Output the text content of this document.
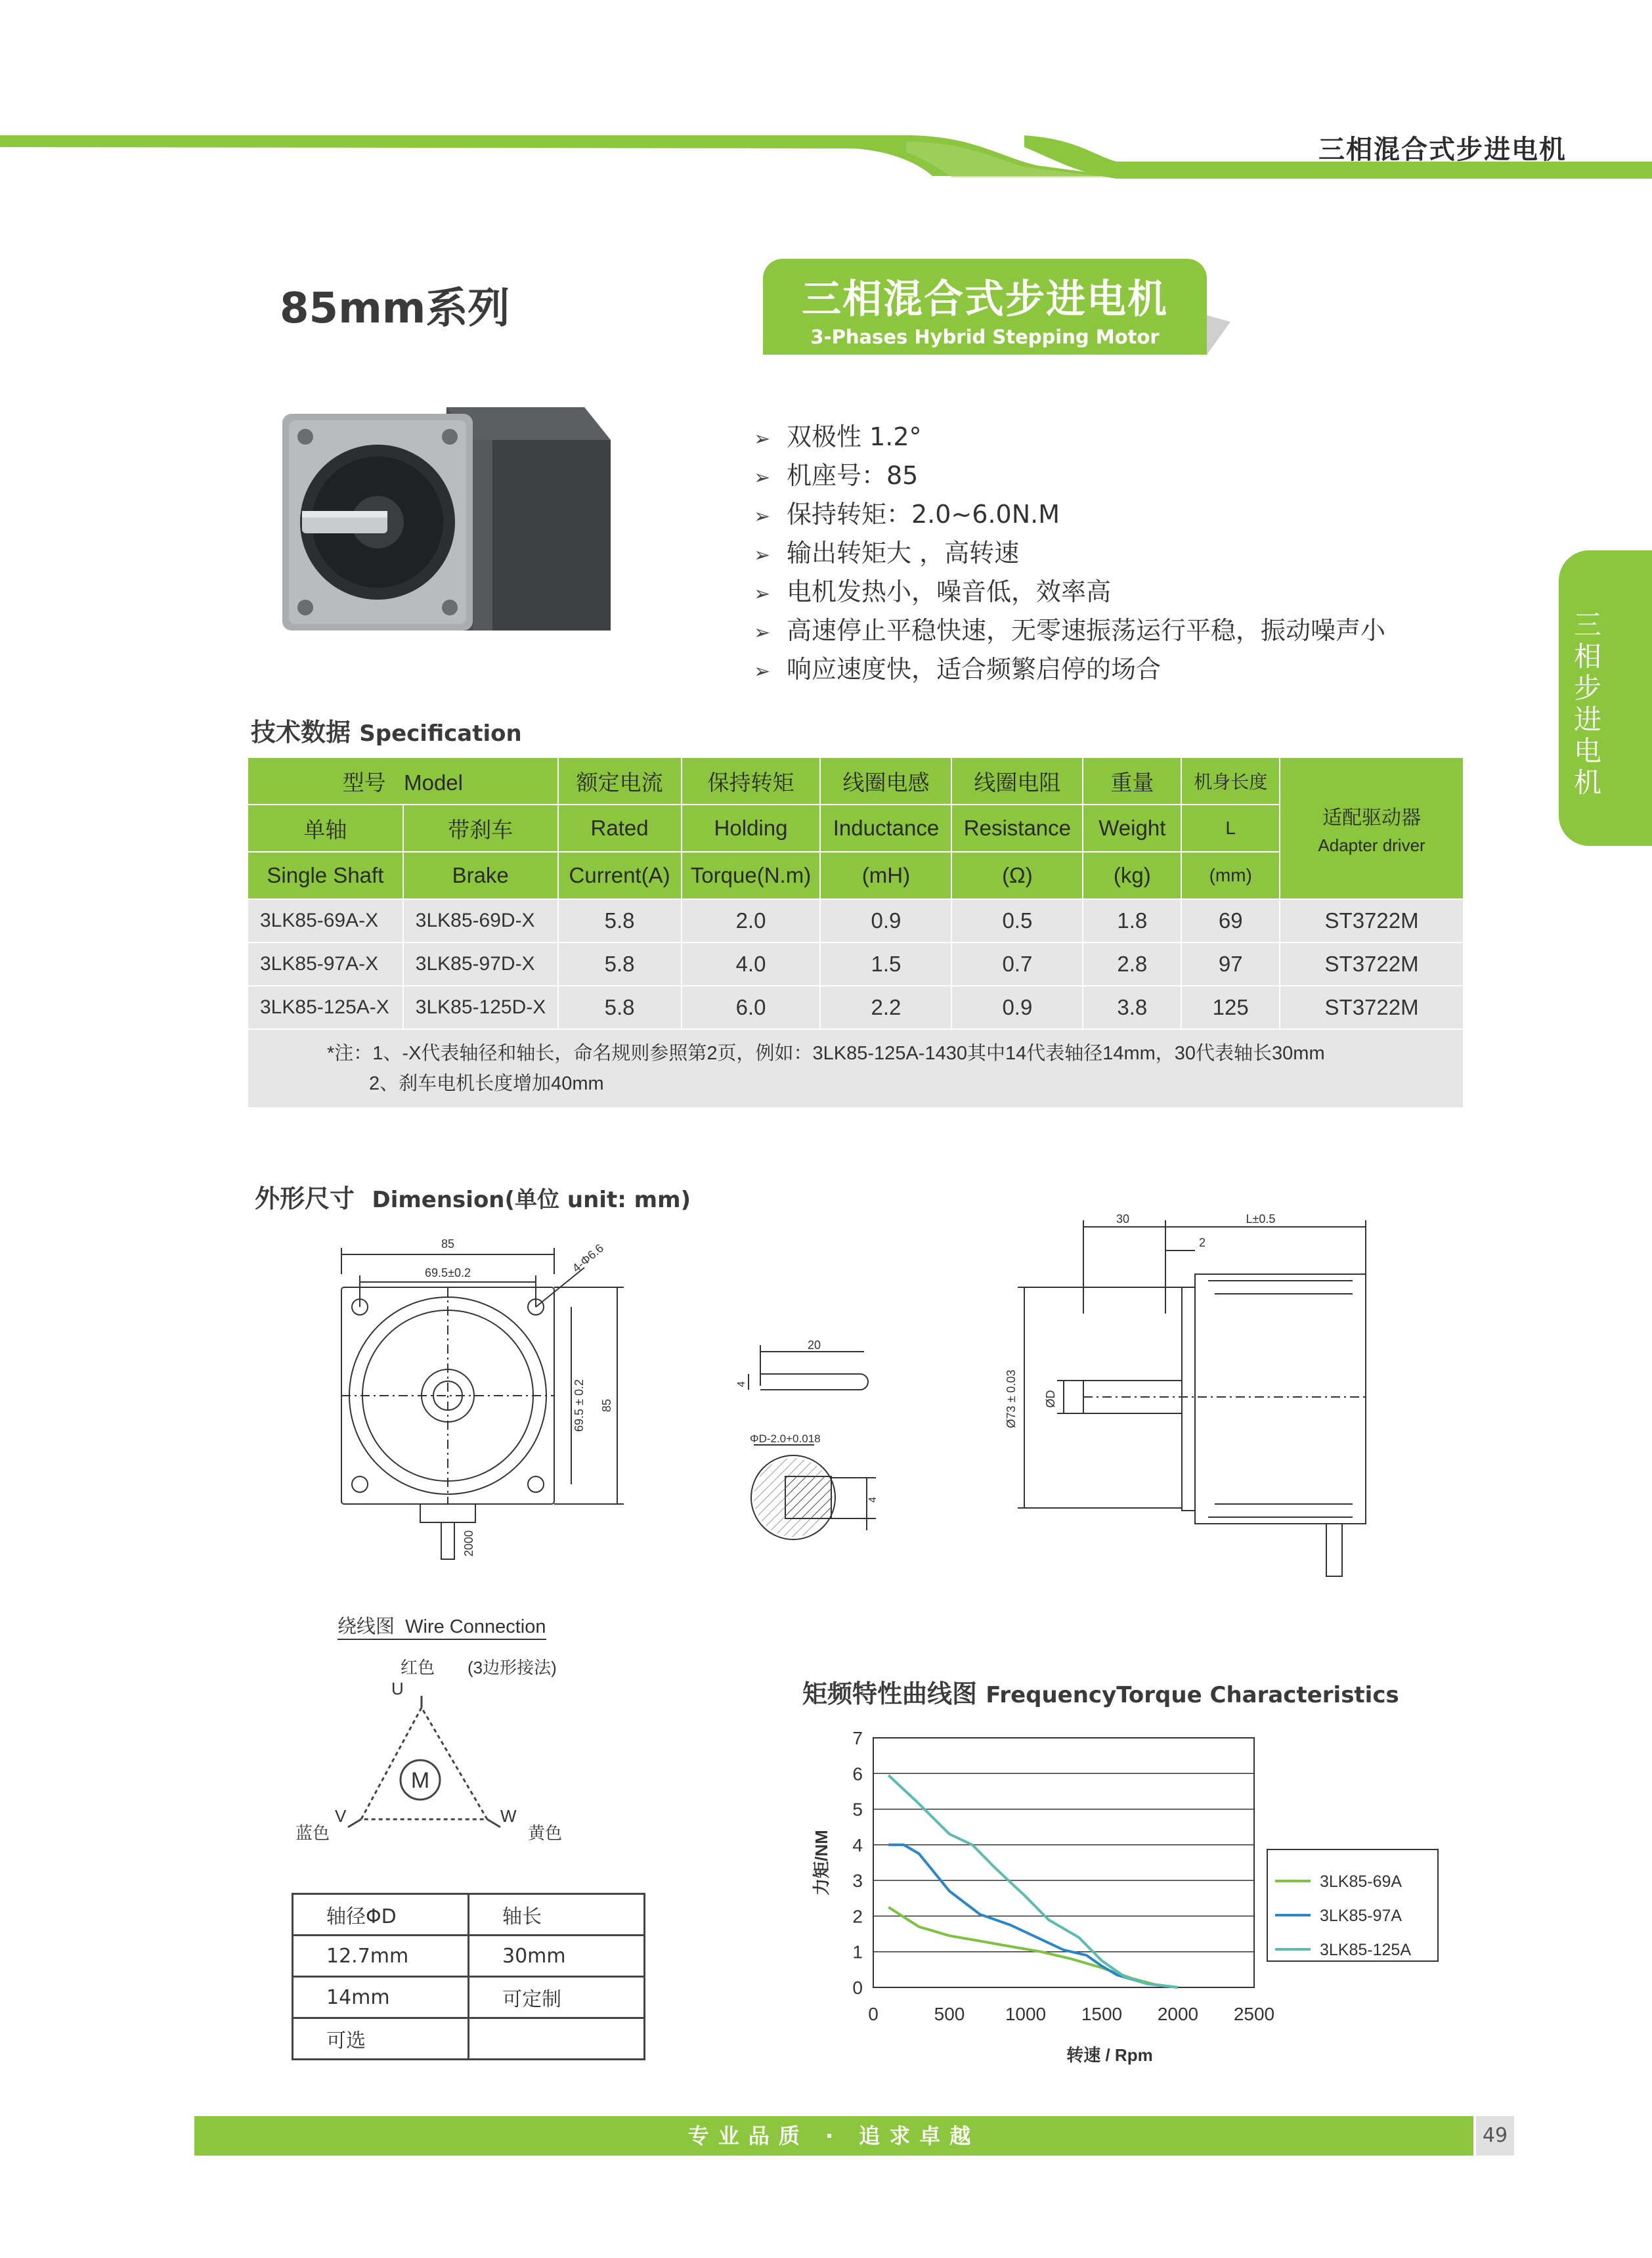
三相混合式步进电机
85mm系列	三相混合式步进电机
3-Phases Hybrid Stepping Motor
三相步进电机
➢ 双极性 1.2°
➢ 机座号：85
➢ 保持转矩：2.0~6.0N.M
➢ 输出转矩大 ，高转速
➢ 电机发热小，噪音低，效率高
➢ 高速停止平稳快速，无零速振荡运行平稳，振动噪声小
➢ 响应速度快，适合频繁启停的场合
技术数据 Specification
型号 Model		额定电流	保持转矩	线圈电感	线圈电阻	重量	机身长度	适配驱动器
Adapter driver

单轴	带刹车	Rated	Holding	Inductance	Resistance	Weight	L	
Single Shaft	Brake	Current(A)	Torque(N.m)	(mH)	(Ω)	(kg)	(mm)	
3LK85-69A-X	3LK85-69D-X	5.8	2.0	0.9	0.5	1.8	69	ST3722M
3LK85-97A-X	3LK85-97D-X	5.8	4.0	1.5	0.7	2.8	97	ST3722M
3LK85-125A-X	3LK85-125D-X	5.8	6.0	2.2	0.9	3.8	125	ST3722M

*注：1、-X代表轴径和轴长，命名规则参照第2页，例如：3LK85-125A-1430其中14代表轴径14mm，30代表轴长30mm
2、刹车电机长度增加40mm								
外形尺寸 Dimension(单位 unit: mm)
85
69.5±0.2	4-Φ6.6
69.5 ± 0.2 85
2000
20
4
ΦD-2.0+0.018
4
30	L±0.5
2
Ø73 ± 0.03 ØD
绕线图 Wire Connection
M
红色
U
(3边形接法)
V
蓝色
W
黄色
轴径ΦD	轴长
12.7mm	30mm
14mm	可定制
可选	
矩频特性曲线图 FrequencyTorque Characteristics
0
1
2
3
4
5
6
7
0	500 1000 1500 2000 2500
力矩/NM
转速 / Rpm
3LK85-69A
3LK85-97A
3LK85-125A
专业品质 · 追求卓越	49
